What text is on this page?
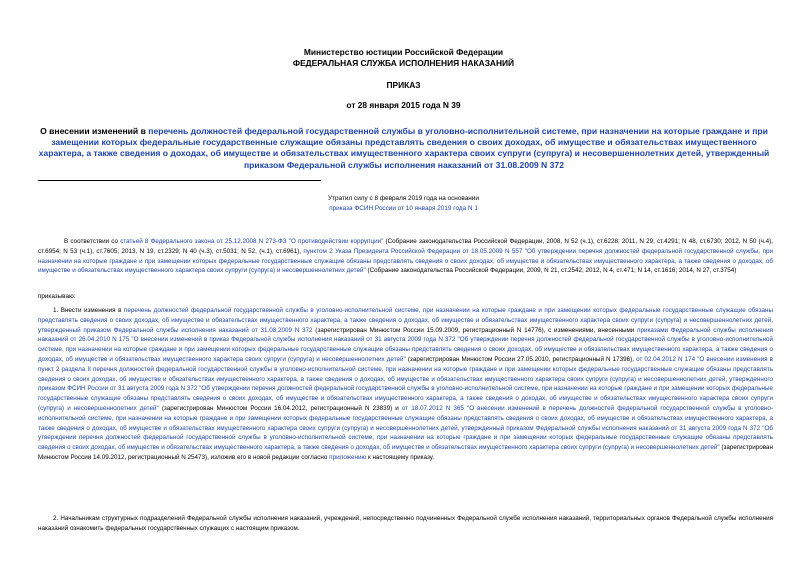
Министерство юстиции Российской Федерации
ФЕДЕРАЛЬНАЯ СЛУЖБА ИСПОЛНЕНИЯ НАКАЗАНИЙ
ПРИКАЗ
от 28 января 2015 года N 39
О внесении изменений в перечень должностей федеральной государственной службы в уголовно-исполнительной системе, при назначении на которые граждане и при замещении которых федеральные государственные служащие обязаны представлять сведения о своих доходах, об имуществе и обязательствах имущественного характера, а также сведения о доходах, об имуществе и обязательствах имущественного характера своих супруги (супруга) и несовершеннолетних детей, утвержденный приказом Федеральной службы исполнения наказаний от 31.08.2009 N 372
Утратил силу с 8 февраля 2019 года на основании
приказа ФСИН России от 10 января 2019 года N 1
В соответствии со статьей 8 Федерального закона от 25.12.2008 N 273-ФЗ "О противодействии коррупции" (Собрание законодательства Российской Федерации, 2008, N 52 (ч.1), ст.6228; 2011, N 29, ст.4291; N 48, ст.6730; 2012, N 50 (ч.4), ст.6954; N 53 (ч.1), ст.7605; 2013, N 19, ст.2329; N 40 (ч.3), ст.5031; N 52, (ч.1), ст.6961), пунктом 2 Указа Президента Российской Федерации от 18.05.2009 N 557 "Об утверждении перечня должностей федеральной государственной службы, при назначении на которые граждане и при замещении которых федеральные государственные служащие обязаны представлять сведения о своих доходах, об имуществе и обязательствах имущественного характера, а также сведения о доходах, об имуществе и обязательствах имущественного характера своих супруги (супруга) и несовершеннолетних детей" (Собрание законодательства Российской Федерации, 2009, N 21, ст.2542; 2012, N 4, ст.471; N 14, ст.1616; 2014, N 27, ст.3754)
приказываю:
1. Внести изменения в перечень должностей федеральной государственной службы в уголовно-исполнительной системе, при назначении на которые граждане и при замещении которых федеральные государственные служащие обязаны представлять сведения о своих доходах, об имуществе и обязательствах имущественного характера, а также сведения о доходах, об имуществе и обязательствах имущественного характера своих супруги (супруга) и несовершеннолетних детей, утвержденный приказом Федеральной службы исполнения наказаний от 31.08.2009 N 372 (зарегистрирован Минюстом России 15.09.2009, регистрационный N 14776), с изменениями, внесенными приказами Федеральной службы исполнения наказаний от 26.04.2010 N 175 "О внесении изменений в приказ Федеральной службы исполнения наказаний от 31 августа 2009 года N 372 "Об утверждении перечня должностей федеральной государственной службы в уголовно-исполнительной системе, при назначении на которые граждане и при замещении которых федеральные государственные служащие обязаны представлять сведения о своих доходах, об имуществе и обязательствах имущественного характера, а также сведения о доходах, об имуществе и обязательствах имущественного характера своих супруги (супруга) и несовершеннолетних детей" (зарегистрирован Минюстом России 27.05.2010, регистрационный N 17396), от 02.04.2012 N 174 "О внесении изменения в пункт 2 раздела II перечня должностей федеральной государственной службы в уголовно-исполнительной системе, при назначении на которые граждане и при замещении которых федеральные государственные служащие обязаны представлять сведения о своих доходах, об имуществе и обязательствах имущественного характера, а также сведения о доходах, об имуществе и обязательствах имущественного характера своих супруги (супруга) и несовершеннолетних детей, утвержденного приказом ФСИН России от 31 августа 2009 года N 372 "Об утверждении перечня должностей федеральной государственной службы в уголовно-исполнительной системе, при назначении на которые граждане и при замещении которых федеральные государственные служащие обязаны представлять сведения о своих доходах, об имуществе и обязательствах имущественного характера, а также сведения о доходах, об имуществе и обязательствах имущественного характера своих супруги (супруга) и несовершеннолетних детей" (зарегистрирован Минюстом России 16.04.2012, регистрационный N 23839) и от 18.07.2012 N 365 "О внесении изменений в перечень должностей федеральной государственной службы в уголовно-исполнительной системе, при назначении на которые граждане и при замещении которых федеральные государственные служащие обязаны представлять сведения о своих доходах, об имуществе и обязательствах имущественного характера, а также сведения о доходах, об имуществе и обязательствах имущественного характера своих супруги (супруга) и несовершеннолетних детей, утвержденный приказом Федеральной службы исполнения наказаний от 31 августа 2009 года N 372 "Об утверждении перечня должностей федеральной государственной службы в уголовно-исполнительной системе, при назначении на которые граждане и при замещении которых федеральные государственные служащие обязаны представлять сведения о своих доходах, об имуществе и обязательствах имущественного характера, а также сведения о доходах, об имуществе и обязательствах имущественного характера своих супруги (супруга) и несовершеннолетних детей" (зарегистрирован Минюстом России 14.09.2012, регистрационный N 25473), изложив его в новой редакции согласно приложению к настоящему приказу.
2. Начальникам структурных подразделений Федеральной службы исполнения наказаний, учреждений, непосредственно подчиненных Федеральной службе исполнения наказаний, территориальных органов Федеральной службы исполнения наказаний ознакомить федеральных государственных служащих с настоящим приказом.
